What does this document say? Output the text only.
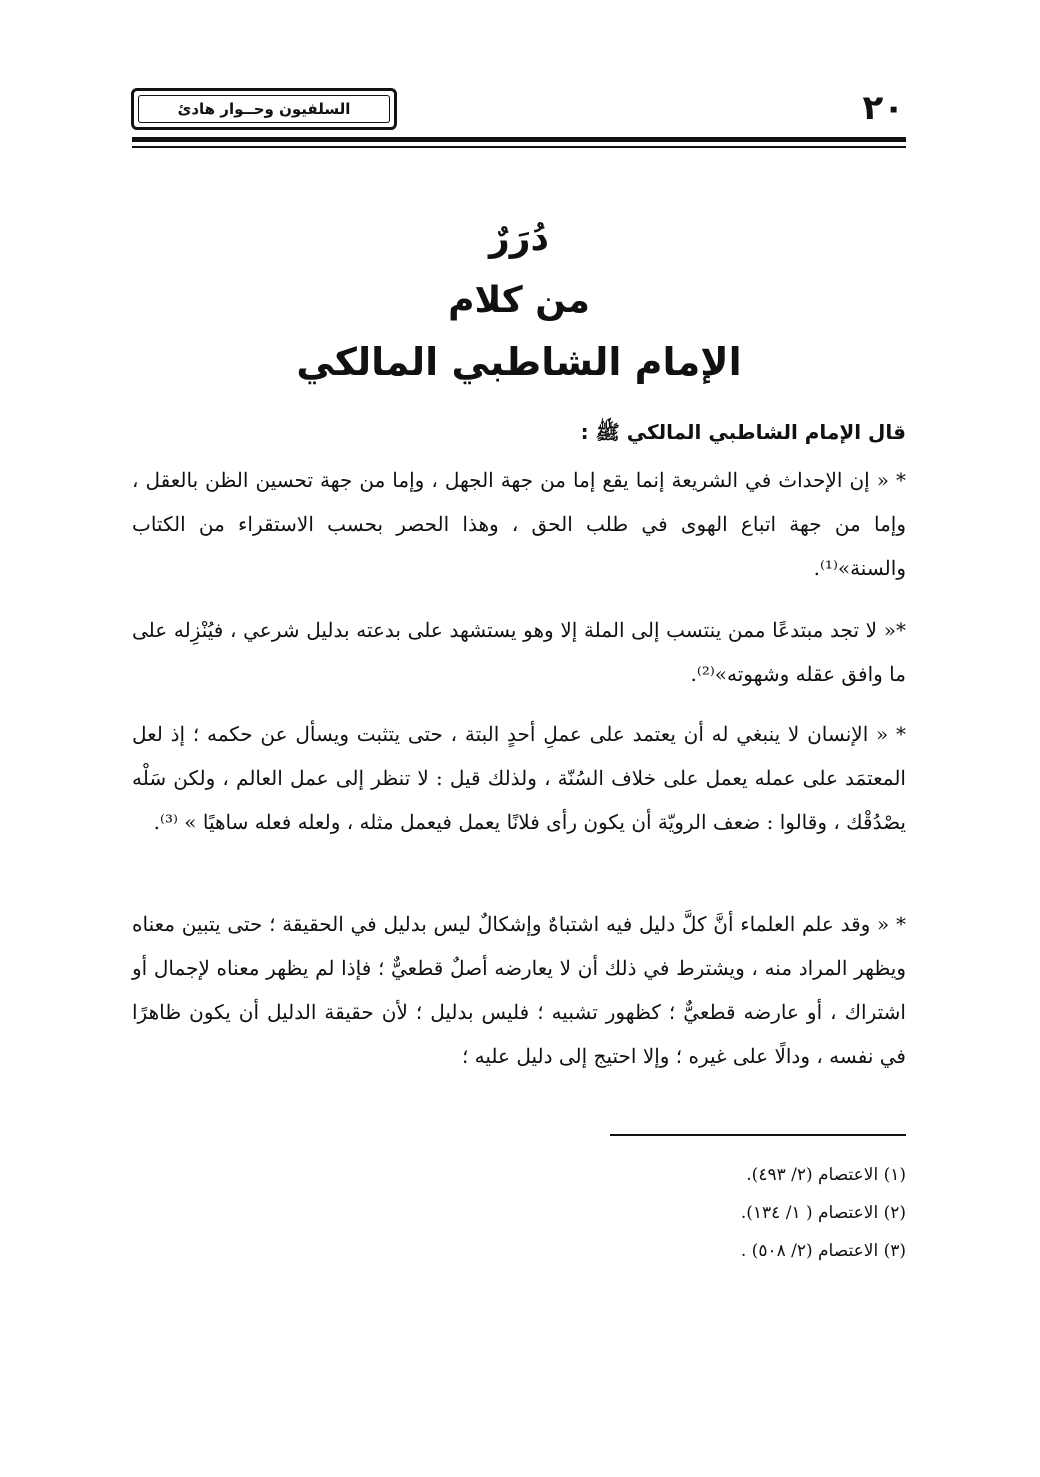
السلفيون وحــوار هادئ	٢٠
دُرَرٌ
من كلام
الإمام الشاطبي المالكي
قال الإمام الشاطبي المالكي ﷺ :
* « إن الإحداث في الشريعة إنما يقع إما من جهة الجهل ، وإما من جهة تحسين الظن بالعقل ، وإما من جهة اتباع الهوى في طلب الحق ، وهذا الحصر بحسب الاستقراء من الكتاب والسنة»⁽¹⁾.
*« لا تجد مبتدعًا ممن ينتسب إلى الملة إلا وهو يستشهد على بدعته بدليل شرعي ، فيُنْزِله على ما وافق عقله وشهوته»⁽²⁾.
* « الإنسان لا ينبغي له أن يعتمد على عملِ أحدٍ البتة ، حتى يتثبت ويسأل عن حكمه ؛ إذ لعل المعتمَد على عمله يعمل على خلاف السُنّة ، ولذلك قيل : لا تنظر إلى عمل العالم ، ولكن سَلْه يصْدُقْك ، وقالوا : ضعف الرويّة أن يكون رأى فلانًا يعمل فيعمل مثله ، ولعله فعله ساهيًا » ⁽³⁾.
* « وقد علم العلماء أنَّ كلَّ دليل فيه اشتباهٌ وإشكالٌ ليس بدليل في الحقيقة ؛ حتى يتبين معناه ويظهر المراد منه ، ويشترط في ذلك أن لا يعارضه أصلٌ قطعيٌّ ؛ فإذا لم يظهر معناه لإجمال أو اشتراك ، أو عارضه قطعيٌّ ؛ كظهور تشبيه ؛ فليس بدليل ؛ لأن حقيقة الدليل أن يكون ظاهرًا في نفسه ، ودالًا على غيره ؛ وإلا احتيج إلى دليل عليه ؛
(١) الاعتصام (٢/ ٤٩٣).
(٢) الاعتصام ( ١/ ١٣٤).
(٣) الاعتصام (٢/ ٥٠٨) .
